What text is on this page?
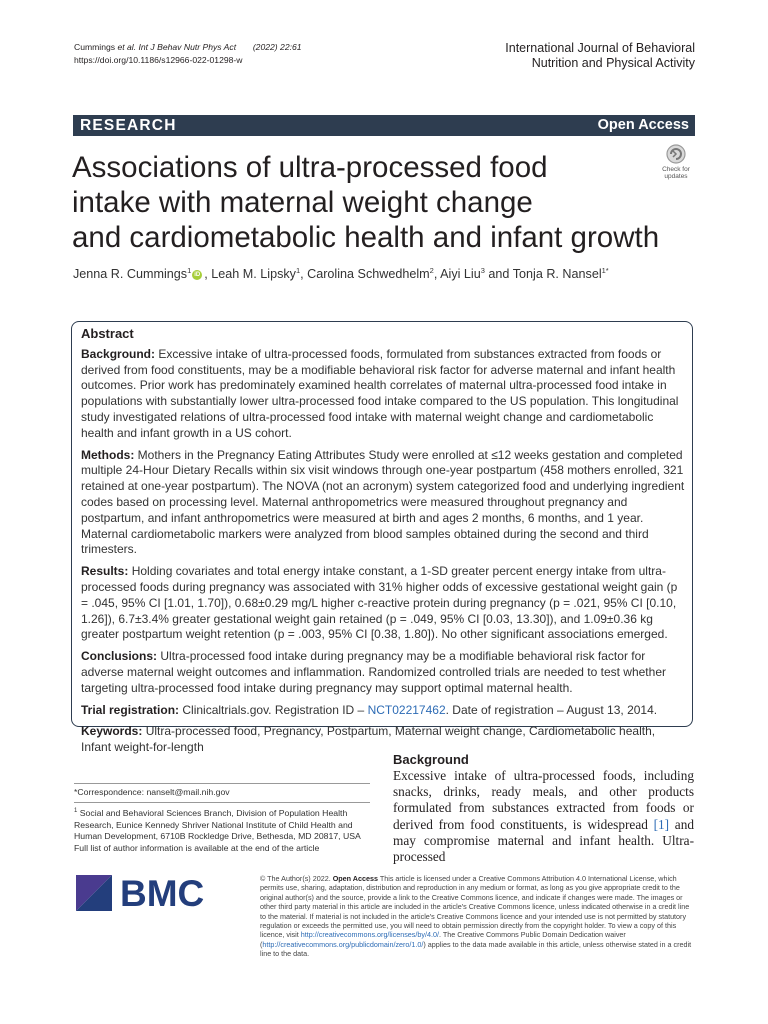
Cummings et al. Int J Behav Nutr Phys Act (2022) 22:61
https://doi.org/10.1186/s12966-022-01298-w
International Journal of Behavioral
Nutrition and Physical Activity
Open Access
RESEARCH
Check for
updates
Associations of ultra-processed food
intake with maternal weight change
and cardiometabolic health and infant growth
Jenna R. Cummings$^1$ iD , Leah M. Lipsky$^1$, Carolina Schwedhelm$^2$, Aiyi Liu$^3$ and Tonja R. Nansel$^{1*}$

Abstract

Background: Excessive intake of ultra-processed foods, formulated from substances extracted from foods or derived from food constituents, may be a modifiable behavioral risk factor for adverse maternal and infant health outcomes. Prior work has predominately examined health correlates of maternal ultra-processed food intake in populations with substantially lower ultra-processed food intake compared to the US population. This longitudinal study investigated relations of ultra-processed food intake with maternal weight change and cardiometabolic health and infant growth in a US cohort.

Methods: Mothers in the Pregnancy Eating Attributes Study were enrolled at ≤12 weeks gestation and completed multiple 24-Hour Dietary Recalls within six visit windows through one-year postpartum (458 mothers enrolled, 321 retained at one-year postpartum). The NOVA (not an acronym) system categorized food and underlying ingredient codes based on processing level. Maternal anthropometrics were measured throughout pregnancy and postpartum, and infant anthropometrics were measured at birth and ages 2 months, 6 months, and 1 year. Maternal cardiometabolic markers were analyzed from blood samples obtained during the second and third trimesters.

Results: Holding covariates and total energy intake constant, a 1-SD greater percent energy intake from ultra-processed foods during pregnancy was associated with 31% higher odds of excessive gestational weight gain (p = .045, 95% CI [1.01, 1.70]), 0.68±0.29 mg/L higher c-reactive protein during pregnancy (p = .021, 95% CI [0.10, 1.26]), 6.7±3.4% greater gestational weight gain retained (p = .049, 95% CI [0.03, 13.30]), and 1.09±0.36 kg greater postpartum weight retention (p = .003, 95% CI [0.38, 1.80]). No other significant associations emerged.

Conclusions: Ultra-processed food intake during pregnancy may be a modifiable behavioral risk factor for adverse maternal weight outcomes and inflammation. Randomized controlled trials are needed to test whether targeting ultra-processed food intake during pregnancy may support optimal maternal health.

Trial registration: Clinicaltrials.gov. Registration ID – NCT02217462. Date of registration – August 13, 2014.

Keywords: Ultra-processed food, Pregnancy, Postpartum, Maternal weight change, Cardiometabolic health, Infant weight-for-length

*Correspondence: nanselt@mail.nih.gov
$^1$ Social and Behavioral Sciences Branch, Division of Population Health Research, Eunice Kennedy Shriver National Institute of Child Health and Human Development, 6710B Rockledge Drive, Bethesda, MD 20817, USA
Full list of author information is available at the end of the article
Background
Excessive intake of ultra-processed foods, including snacks, drinks, ready meals, and other products formulated from substances extracted from foods or derived from food constituents, is widespread [1] and may compromise maternal and infant health. Ultra-processed
BMC	© The Author(s) 2022. Open Access This article is licensed under a Creative Commons Attribution 4.0 International License, which permits use, sharing, adaptation, distribution and reproduction in any medium or format, as long as you give appropriate credit to the original author(s) and the source, provide a link to the Creative Commons licence, and indicate if changes were made. The images or other third party material in this article are included in the article's Creative Commons licence, unless indicated otherwise in a credit line to the material. If material is not included in the article's Creative Commons licence and your intended use is not permitted by statutory regulation or exceeds the permitted use, you will need to obtain permission directly from the copyright holder. To view a copy of this licence, visit http://creativecommons.org/licenses/by/4.0/. The Creative Commons Public Domain Dedication waiver (http://creativecommons.org/publicdomain/zero/1.0/) applies to the data made available in this article, unless otherwise stated in a credit line to the data.
